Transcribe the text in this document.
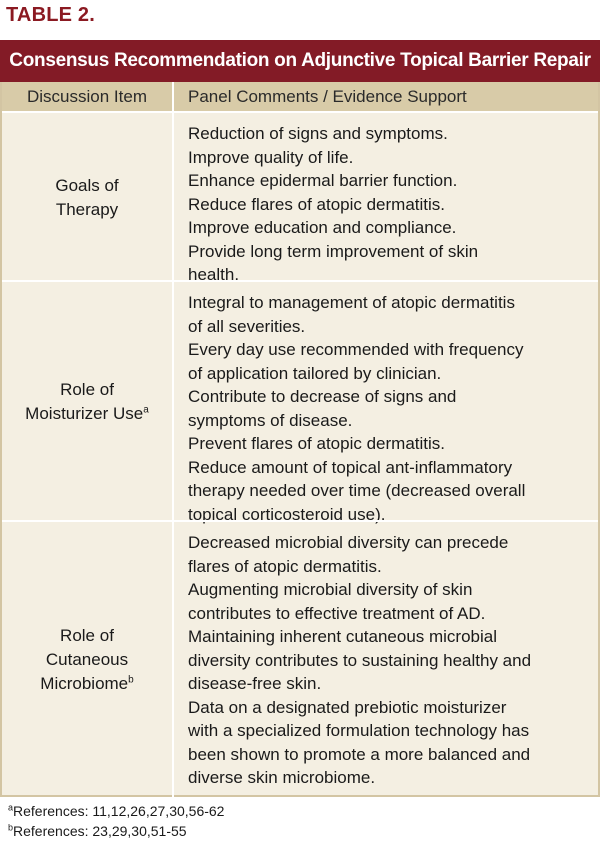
TABLE 2.
Consensus Recommendation on Adjunctive Topical Barrier Repair
Discussion Item	Panel Comments / Evidence Support
Goals of
Therapy
Reduction of signs and symptoms.
Improve quality of life.
Enhance epidermal barrier function.
Reduce flares of atopic dermatitis.
Improve education and compliance.
Provide long term improvement of skin
health.
Role of
Moisturizer Use$^a$
Integral to management of atopic dermatitis
of all severities.
Every day use recommended with frequency
of application tailored by clinician.
Contribute to decrease of signs and
symptoms of disease.
Prevent flares of atopic dermatitis.
Reduce amount of topical ant-inflammatory
therapy needed over time (decreased overall
topical corticosteroid use).
Role of
Cutaneous
Microbiome$^b$
Decreased microbial diversity can precede
flares of atopic dermatitis.
Augmenting microbial diversity of skin
contributes to effective treatment of AD.
Maintaining inherent cutaneous microbial
diversity contributes to sustaining healthy and
disease-free skin.
Data on a designated prebiotic moisturizer
with a specialized formulation technology has
been shown to promote a more balanced and
diverse skin microbiome.
$^a$References: 11,12,26,27,30,56-62
$^b$References: 23,29,30,51-55
